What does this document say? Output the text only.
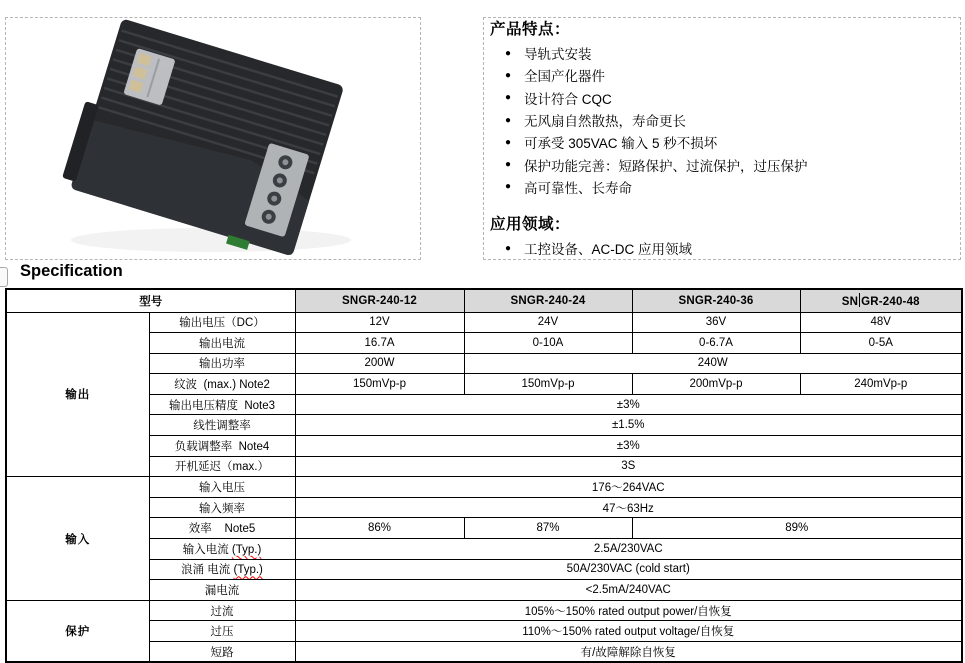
产品特点：
● 导轨式安装
● 全国产化器件
● 设计符合 CQC
● 无风扇自然散热，寿命更长
● 可承受 305VAC 输入 5 秒不损坏
● 保护功能完善：短路保护、过流保护，过压保护
● 高可靠性、长寿命
应用领域：
● 工控设备、AC-DC 应用领域
Specification
型号		SNGR-240-12	SNGR-240-24	SNGR-240-36	SN GR-240-48
输出	输出电压（DC）	12V	24V	36V	48V
	输出电流	16.7A	0-10A	0-6.7A	0-5A
	输出功率	200W	240W		
	纹波  (max.) Note2	150mVp-p	150mVp-p	200mVp-p	240mVp-p
	输出电压精度  Note3	±3%			
	线性调整率	±1.5%			
	负载调整率  Note4	±3%			
	开机延迟（max.）	3S			
输入	输入电压	176～264VAC			
	输入频率	47～63Hz			
	效率    Note5	86%	87%	89%	
	输入电流 (Typ.)	2.5A/230VAC			
	浪涌 电流 (Typ.)	50A/230VAC (cold start)			
	漏电流	<2.5mA/240VAC			
保护	过流	105%～150% rated output power/自恢复			
	过压	110%～150% rated output voltage/自恢复			
	短路	有/故障解除自恢复			
